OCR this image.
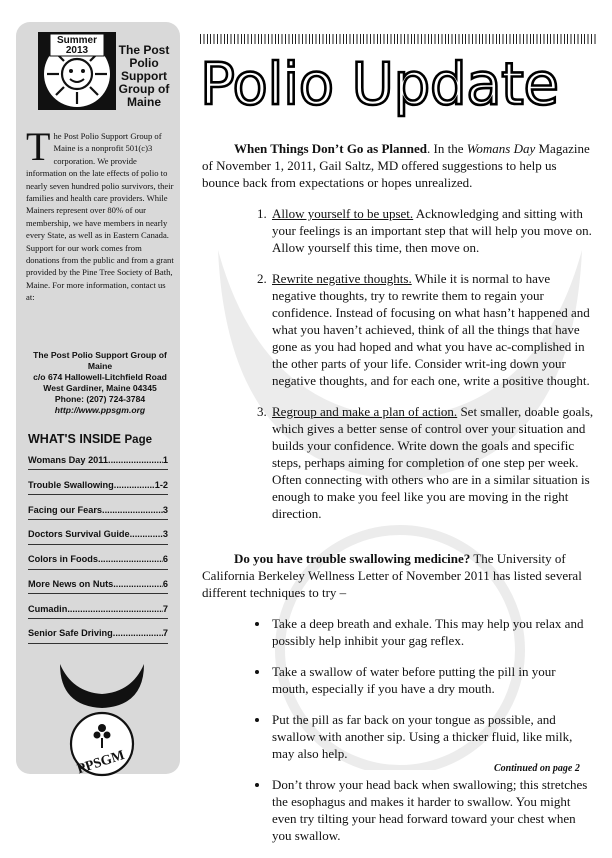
Summer
2013	The Post
Polio
Support
Group of
Maine
The Post Polio Support Group of Maine is a nonprofit 501(c)3 corporation. We provide information on the late effects of polio to nearly seven hundred polio survivors, their families and health care providers. While Mainers represent over 80% of our membership, we have members in nearly every State, as well as in Eastern Canada. Support for our work comes from donations from the public and from a grant provided by the Pine Tree Society of Bath, Maine. For more information, contact us at:
The Post Polio Support Group of Maine
c/o 674 Hallowell-Litchfield Road
West Gardiner, Maine 04345
Phone: (207) 724-3784
http://www.ppsgm.org
WHAT'S INSIDE Page
Womans Day 2011 .....	1
Trouble Swallowing .....	1-2
Facing our Fears .....	3
Doctors Survival Guide .....	3
Colors in Foods .....	6
More News on Nuts .....	6
Cumadin .....	7
Senior Safe Driving .....	7
PPSGM
Polio Update

When Things Don’t Go as Planned. In the Womans Day Magazine of November 1, 2011, Gail Saltz, MD offered suggestions to help us bounce back from expectations or hopes unrealized.

1. Allow yourself to be upset. Acknowledging and sitting with your feelings is an important step that will help you move on. Allow yourself this time, then move on.
2. Rewrite negative thoughts. While it is normal to have negative thoughts, try to rewrite them to regain your confidence. Instead of focusing on what hasn’t happened and what you haven’t achieved, think of all the things that have gone as you had hoped and what you have ac-complished in the other parts of your life. Consider writ-ing down your negative thoughts, and for each one, write a positive thought.
3. Regroup and make a plan of action. Set smaller, doable goals, which gives a better sense of control over your situation and builds your confidence. Write down the goals and specific steps, perhaps aiming for completion of one step per week. Often connecting with others who are in a similar situation is enough to make you feel like you are moving in the right direction.

Do you have trouble swallowing medicine? The University of California Berkeley Wellness Letter of November 2011 has listed several different techniques to try –

• Take a deep breath and exhale. This may help you relax and possibly help inhibit your gag reflex.
• Take a swallow of water before putting the pill in your mouth, especially if you have a dry mouth.
• Put the pill as far back on your tongue as possible, and swallow with another sip. Using a thicker fluid, like milk, may also help.
• Don’t throw your head back when swallowing; this stretches the esophagus and makes it harder to swallow. You might even try tilting your head forward toward your chest when you swallow.
Continued on page 2
